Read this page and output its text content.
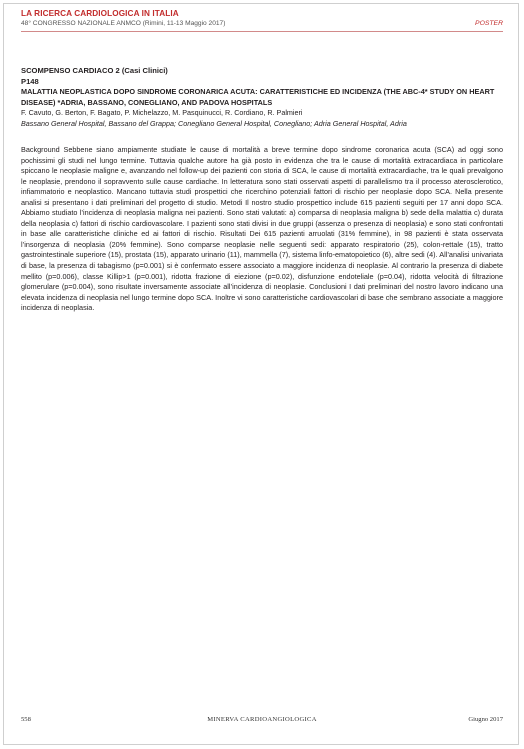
LA RICERCA CARDIOLOGICA IN ITALIA
48° CONGRESSO NAZIONALE ANMCO (Rimini, 11-13 Maggio 2017)	POSTER

SCOMPENSO CARDIACO 2 (Casi Clinici)

P148

MALATTIA NEOPLASTICA DOPO SINDROME CORONARICA ACUTA: CARATTERISTICHE ED INCIDENZA (THE ABC-4* STUDY ON HEART DISEASE) *ADRIA, BASSANO, CONEGLIANO, AND PADOVA HOSPITALS

F. Cavuto, G. Berton, F. Bagato, P. Michelazzo, M. Pasquinucci, R. Cordiano, R. Palmieri

Bassano General Hospital, Bassano del Grappa; Conegliano General Hospital, Conegliano; Adria General Hospital, Adria

Background Sebbene siano ampiamente studiate le cause di mortalità a breve termine dopo sindrome coronarica acuta (SCA) ad oggi sono pochissimi gli studi nel lungo termine. Tuttavia qualche autore ha già posto in evidenza che tra le cause di mortalità extracardiaca in particolare spiccano le neoplasie maligne e, avanzando nel follow-up dei pazienti con storia di SCA, le cause di mortalità extracardiache, tra le quali prevalgono le neoplasie, prendono il sopravvento sulle cause cardiache. In letteratura sono stati osservati aspetti di parallelismo tra il processo aterosclerotico, infiammatorio e neoplastico. Mancano tuttavia studi prospettici che ricerchino potenziali fattori di rischio per neoplasie dopo SCA. Nella presente analisi si presentano i dati preliminari del progetto di studio. Metodi Il nostro studio prospettico include 615 pazienti seguiti per 17 anni dopo SCA. Abbiamo studiato l’incidenza di neoplasia maligna nei pazienti. Sono stati valutati: a) comparsa di neoplasia maligna b) sede della malattia c) durata della neoplasia c) fattori di rischio cardiovascolare. I pazienti sono stati divisi in due gruppi (assenza o presenza di neoplasia) e sono stati confrontati in base alle caratteristiche cliniche ed ai fattori di rischio. Risultati Dei 615 pazienti arruolati (31% femmine), in 98 pazienti è stata osservata l’insorgenza di neoplasia (20% femmine). Sono comparse neoplasie nelle seguenti sedi: apparato respiratorio (25), colon-rettale (15), tratto gastrointestinale superiore (15), prostata (15), apparato urinario (11), mammella (7), sistema linfo-ematopoietico (6), altre sedi (4). All’analisi univariata di base, la presenza di tabagismo (p=0.001) si è confermato essere associato a maggiore incidenza di neoplasie. Al contrario la presenza di diabete mellito (p=0.006), classe Killip>1 (p=0.001), ridotta frazione di eiezione (p=0.02), disfunzione endoteliale (p=0.04), ridotta velocità di filtrazione glomerulare (p=0.004), sono risultate inversamente associate all’incidenza di neoplasie. Conclusioni I dati preliminari del nostro lavoro indicano una elevata incidenza di neoplasia nel lungo termine dopo SCA. Inoltre vi sono caratteristiche cardiovascolari di base che sembrano associate a maggiore incidenza di neoplasia.
558	MINERVA CARDIOANGIOLOGICA	Giugno 2017
